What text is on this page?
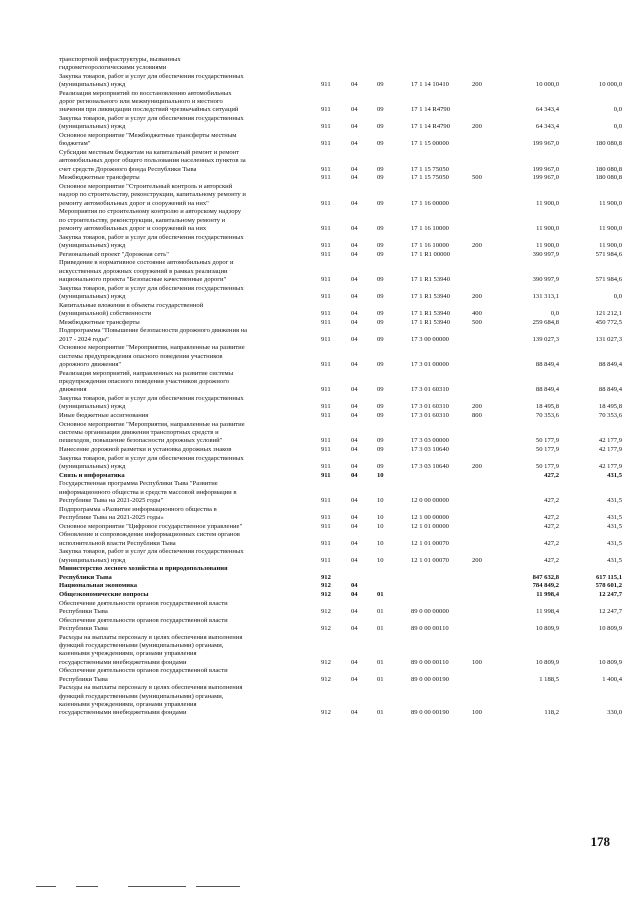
транспортной инфраструктуры, вызванных
гидрометеорологическими условиями
Закупка товаров, работ и услуг для обеспечения государственных
(муниципальных) нужд	911	04	09	17 1 14 10410	200	10 000,0	10 000,0
Реализация мероприятий по восстановлению автомобильных
дорог регионального или межмуниципального и местного
значения при ликвидации последствий чрезвычайных ситуаций	911	04	09	17 1 14 R4790	64 343,4	0,0
Закупка товаров, работ и услуг для обеспечения государственных
(муниципальных) нужд	911	04	09	17 1 14 R4790	200	64 343,4	0,0
Основное мероприятие "Межбюджетные трансферты местным
бюджетам"	911	04	09	17 1 15 00000	199 967,0	180 080,8
Субсидии местным бюджетам на капитальный ремонт и ремонт
автомобильных дорог общего пользования населенных пунктов за
счет средств Дорожного фонда Республики Тыва	911	04	09	17 1 15 75050	199 967,0	180 080,8
Межбюджетные трансферты	911	04	09	17 1 15 75050	500	199 967,0	180 080,8
Основное мероприятие "Строительный контроль и авторский
надзор по строительству, реконструкции, капитальному ремонту и
ремонту автомобильных дорог и сооружений на них"	911	04	09	17 1 16 00000	11 900,0	11 900,0
Мероприятия по строительному контролю и авторскому надзору
по строительству, реконструкции, капитальному ремонту и
ремонту автомобильных дорог и сооружений на них	911	04	09	17 1 16 10000	11 900,0	11 900,0
Закупка товаров, работ и услуг для обеспечения государственных
(муниципальных) нужд	911	04	09	17 1 16 10000	200	11 900,0	11 900,0
Региональный проект "Дорожная сеть"	911	04	09	17 1 R1 00000	390 997,9	571 984,6
Приведение в нормативное состояние автомобильных дорог и
искусственных дорожных сооружений в рамках реализации
национального проекта "Безопасные качественные дороги"	911	04	09	17 1 R1 53940	390 997,9	571 984,6
Закупка товаров, работ и услуг для обеспечения государственных
(муниципальных) нужд	911	04	09	17 1 R1 53940	200	131 313,1	0,0
Капитальные вложения в объекты государственной
(муниципальной) собственности	911	04	09	17 1 R1 53940	400	0,0	121 212,1
Межбюджетные трансферты	911	04	09	17 1 R1 53940	500	259 684,8	450 772,5
Подпрограмма "Повышение безопасности дорожного движения на
2017 - 2024 годы"	911	04	09	17 3 00 00000	139 027,3	131 027,3
Основное мероприятие "Мероприятия, направленные на развитие
системы предупреждения опасного поведения участников
дорожного движения"	911	04	09	17 3 01 00000	88 849,4	88 849,4
Реализация мероприятий, направленных на развитие системы
предупреждения опасного поведения участников дорожного
движения	911	04	09	17 3 01 60310	88 849,4	88 849,4
Закупка товаров, работ и услуг для обеспечения государственных
(муниципальных) нужд	911	04	09	17 3 01 60310	200	18 495,8	18 495,8
Иные бюджетные ассигнования	911	04	09	17 3 01 60310	800	70 353,6	70 353,6
Основное мероприятие "Мероприятия, направленные на развитие
системы организации движения транспортных средств и
пешеходов, повышение безопасности дорожных условий"	911	04	09	17 3 03 00000	50 177,9	42 177,9
Нанесение дорожной разметки и установка дорожных знаков	911	04	09	17 3 03 10640	50 177,9	42 177,9
Закупка товаров, работ и услуг для обеспечения государственных
(муниципальных) нужд	911	04	09	17 3 03 10640	200	50 177,9	42 177,9
Связь и информатика	911	04	10	427,2	431,5
Государственная программа Республики Тыва "Развитие
информационного общества и средств массовой информации в
Республике Тыва на 2021-2025 годы"	911	04	10	12 0 00 00000	427,2	431,5
Подпрограмма «Развитие информационного общества в
Республике Тыва на 2021-2025 годы»	911	04	10	12 1 00 00000	427,2	431,5
Основное мероприятие "Цифровое государственное управление"	911	04	10	12 1 01 00000	427,2	431,5
Обновление и сопровождение информационных систем органов
исполнительной власти Республики Тыва	911	04	10	12 1 01 00070	427,2	431,5
Закупка товаров, работ и услуг для обеспечения государственных
(муниципальных) нужд	911	04	10	12 1 01 00070	200	427,2	431,5
Министерство лесного хозяйства и природопользования
Республики Тыва	912	847 632,8	617 115,1
Национальная экономика	912	04	784 849,2	578 601,2
Общеэкономические вопросы	912	04	01	11 998,4	12 247,7
Обеспечение деятельности органов государственной власти
Республики Тыва	912	04	01	89 0 00 00000	11 998,4	12 247,7
Обеспечение деятельности органов государственной власти
Республики Тыва	912	04	01	89 0 00 00110	10 809,9	10 809,9
Расходы на выплаты персоналу в целях обеспечения выполнения
функций государственными (муниципальными) органами,
казенными учреждениями, органами управления
государственными внебюджетными фондами	912	04	01	89 0 00 00110	100	10 809,9	10 809,9
Обеспечение деятельности органов государственной власти
Республики Тыва	912	04	01	89 0 00 00190	1 188,5	1 400,4
Расходы на выплаты персоналу в целях обеспечения выполнения
функций государственными (муниципальными) органами,
казенными учреждениями, органами управления
государственными внебюджетными фондами	912	04	01	89 0 00 00190	100	118,2	330,0
178
